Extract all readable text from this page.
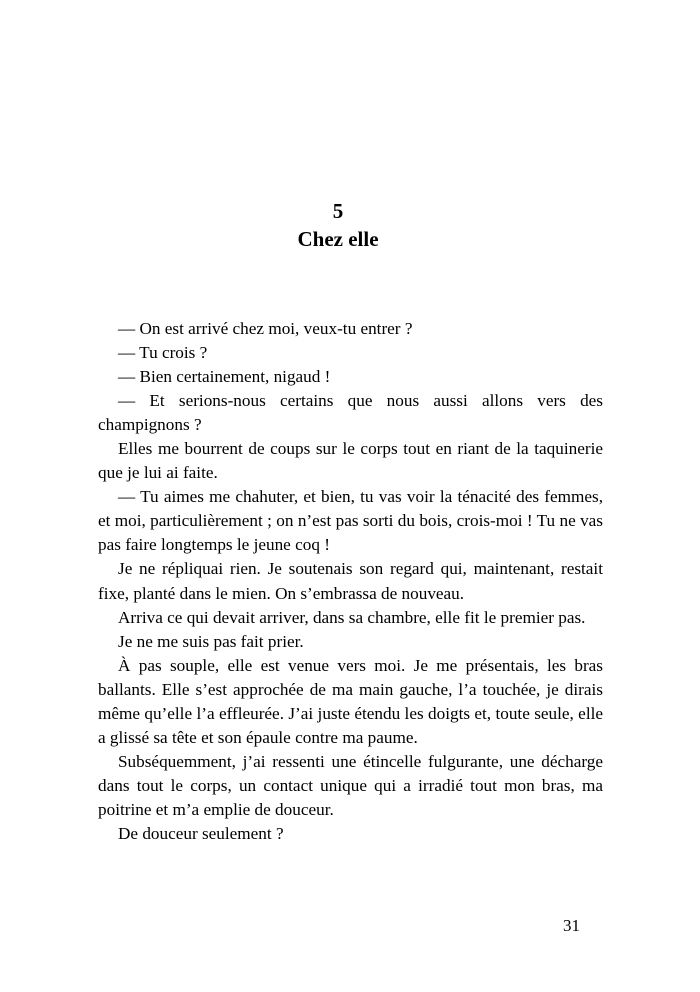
5
Chez elle

— On est arrivé chez moi, veux-tu entrer ?

— Tu crois ?

— Bien certainement, nigaud !

— Et serions-nous certains que nous aussi allons vers des champignons ?

Elles me bourrent de coups sur le corps tout en riant de la taquinerie que je lui ai faite.

— Tu aimes me chahuter, et bien, tu vas voir la ténacité des femmes, et moi, particulièrement ; on n’est pas sorti du bois, crois-moi ! Tu ne vas pas faire longtemps le jeune coq !

Je ne répliquai rien. Je soutenais son regard qui, maintenant, restait fixe, planté dans le mien. On s’embrassa de nouveau.

Arriva ce qui devait arriver, dans sa chambre, elle fit le premier pas.

Je ne me suis pas fait prier.

À pas souple, elle est venue vers moi. Je me présentais, les bras ballants. Elle s’est approchée de ma main gauche, l’a touchée, je dirais même qu’elle l’a effleurée. J’ai juste étendu les doigts et, toute seule, elle a glissé sa tête et son épaule contre ma paume.

Subséquemment, j’ai ressenti une étincelle fulgurante, une décharge dans tout le corps, un contact unique qui a irradié tout mon bras, ma poitrine et m’a emplie de douceur.

De douceur seulement ?

31
